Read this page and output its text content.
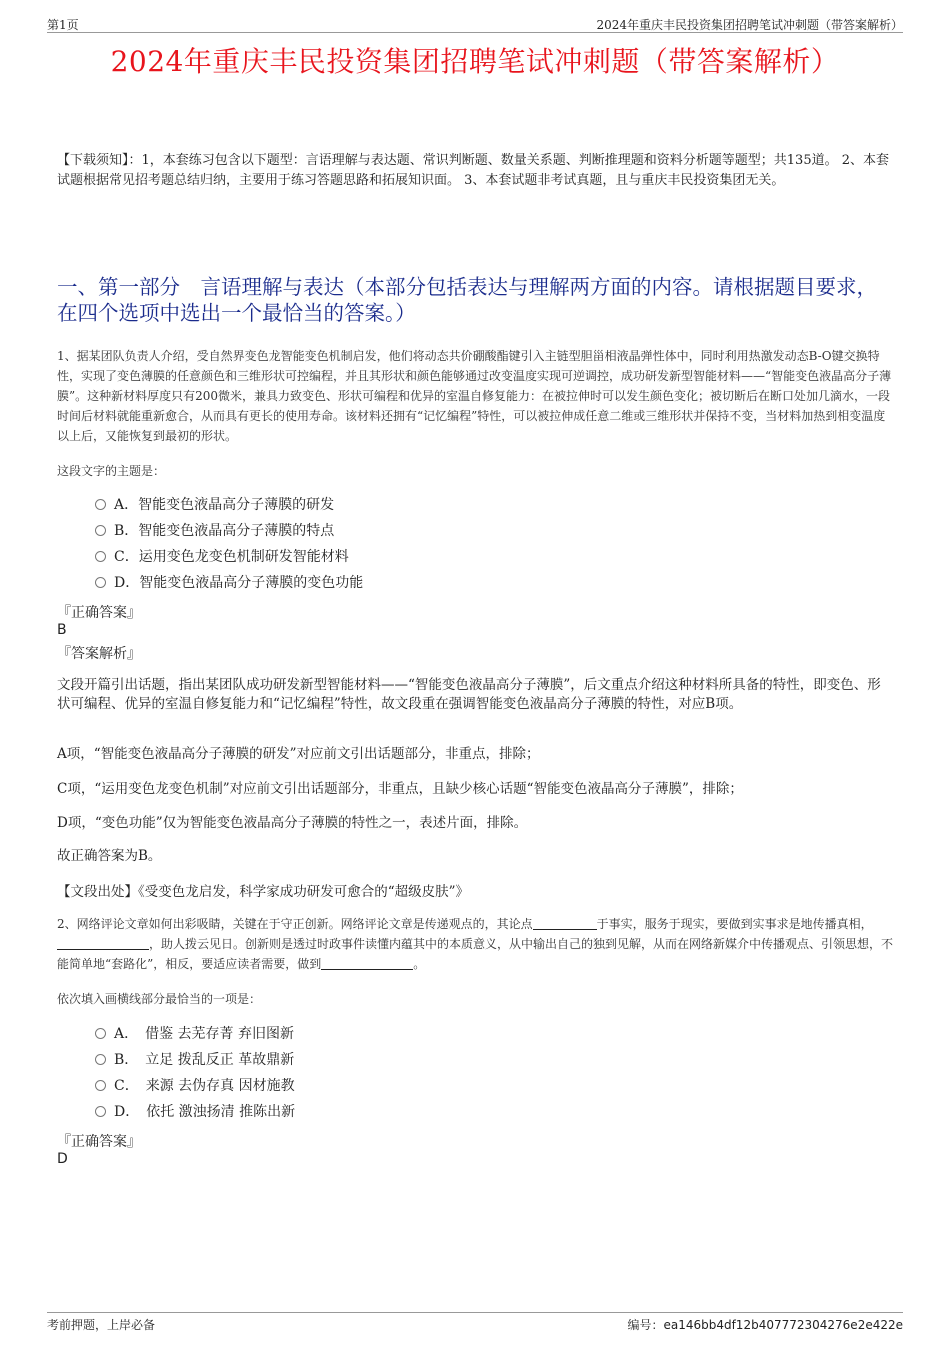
第1页	2024年重庆丰民投资集团招聘笔试冲刺题（带答案解析）
2024年重庆丰民投资集团招聘笔试冲刺题（带答案解析）
【下载须知】：1，本套练习包含以下题型：言语理解与表达题、常识判断题、数量关系题、判断推理题和资料分析题等题型；共135道。 2、本套试题根据常见招考题总结归纳，主要用于练习答题思路和拓展知识面。 3、本套试题非考试真题，且与重庆丰民投资集团无关。
一、第一部分　言语理解与表达（本部分包括表达与理解两方面的内容。请根据题目要求，在四个选项中选出一个最恰当的答案。）
1、据某团队负责人介绍，受自然界变色龙智能变色机制启发，他们将动态共价硼酸酯键引入主链型胆甾相液晶弹性体中，同时利用热激发动态B-O键交换特性，实现了变色薄膜的任意颜色和三维形状可控编程，并且其形状和颜色能够通过改变温度实现可逆调控，成功研发新型智能材料——“智能变色液晶高分子薄膜”。这种新材料厚度只有200微米，兼具力致变色、形状可编程和优异的室温自修复能力：在被拉伸时可以发生颜色变化；被切断后在断口处加几滴水，一段时间后材料就能重新愈合，从而具有更长的使用寿命。该材料还拥有“记忆编程”特性，可以被拉伸成任意二维或三维形状并保持不变，当材料加热到相变温度以上后，又能恢复到最初的形状。
这段文字的主题是：
A．智能变色液晶高分子薄膜的研发
B．智能变色液晶高分子薄膜的特点
C．运用变色龙变色机制研发智能材料
D．智能变色液晶高分子薄膜的变色功能
『正确答案』
B
『答案解析』
文段开篇引出话题，指出某团队成功研发新型智能材料——“智能变色液晶高分子薄膜”，后文重点介绍这种材料所具备的特性，即变色、形状可编程、优异的室温自修复能力和“记忆编程”特性，故文段重在强调智能变色液晶高分子薄膜的特性，对应B项。
A项，“智能变色液晶高分子薄膜的研发”对应前文引出话题部分，非重点，排除；
C项，“运用变色龙变色机制”对应前文引出话题部分，非重点，且缺少核心话题“智能变色液晶高分子薄膜”，排除；
D项，“变色功能”仅为智能变色液晶高分子薄膜的特性之一，表述片面，排除。
故正确答案为B。
【文段出处】《受变色龙启发，科学家成功研发可愈合的“超级皮肤”》
2、网络评论文章如何出彩吸睛，关键在于守正创新。网络评论文章是传递观点的，其论点	于事实，服务于现实，要做到实事求是地传播真相，，助人拨云见日。创新则是透过时政事件读懂内蕴其中的本质意义，从中输出自己的独到见解，从而在网络新媒介中传播观点、引领思想，不能简单地“套路化”，相反，要适应读者需要，做到	。
依次填入画横线部分最恰当的一项是：
A．　借鉴 去芜存菁 弃旧图新
B．　立足 拨乱反正 革故鼎新
C．　来源 去伪存真 因材施教
D．　依托 激浊扬清 推陈出新
『正确答案』
D
考前押题，上岸必备	编号：ea146bb4df12b407772304276e2e422e
